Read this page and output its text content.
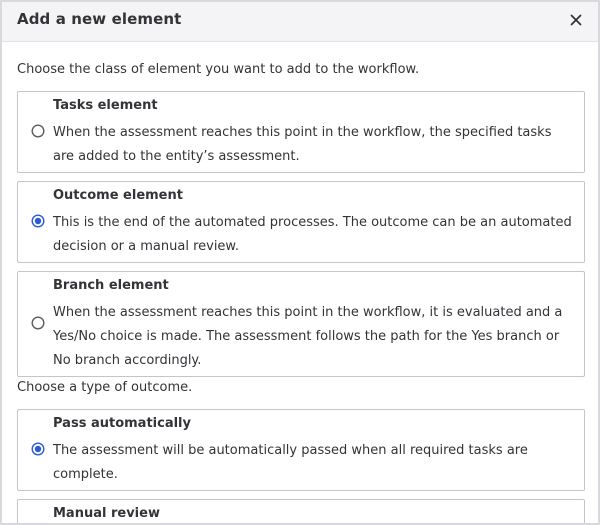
Add a new element
Choose the class of element you want to add to the workflow.
Tasks element
When the assessment reaches this point in the workflow, the specified tasks are added to the entity’s assessment.
Outcome element
This is the end of the automated processes. The outcome can be an automated decision or a manual review.
Branch element
When the assessment reaches this point in the workflow, it is evaluated and a Yes/No choice is made. The assessment follows the path for the Yes branch or No branch accordingly.
Choose a type of outcome.
Pass automatically
The assessment will be automatically passed when all required tasks are complete.
Manual review
